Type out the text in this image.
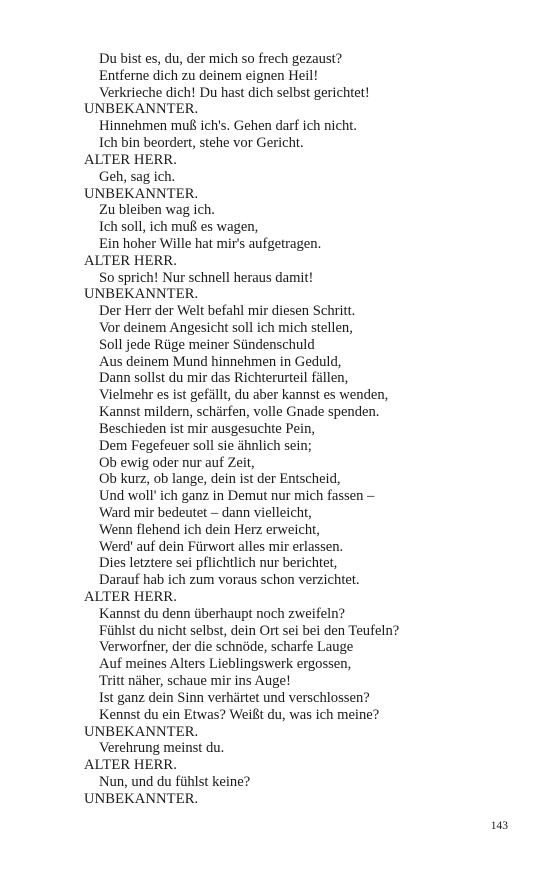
Du bist es, du, der mich so frech gezaust?
Entferne dich zu deinem eignen Heil!
Verkrieche dich! Du hast dich selbst gerichtet!
UNBEKANNTER.
Hinnehmen muß ich's. Gehen darf ich nicht.
Ich bin beordert, stehe vor Gericht.
ALTER HERR.
Geh, sag ich.
UNBEKANNTER.
Zu bleiben wag ich.
Ich soll, ich muß es wagen,
Ein hoher Wille hat mir's aufgetragen.
ALTER HERR.
So sprich! Nur schnell heraus damit!
UNBEKANNTER.
Der Herr der Welt befahl mir diesen Schritt.
Vor deinem Angesicht soll ich mich stellen,
Soll jede Rüge meiner Sündenschuld
Aus deinem Mund hinnehmen in Geduld,
Dann sollst du mir das Richterurteil fällen,
Vielmehr es ist gefällt, du aber kannst es wenden,
Kannst mildern, schärfen, volle Gnade spenden.
Beschieden ist mir ausgesuchte Pein,
Dem Fegefeuer soll sie ähnlich sein;
Ob ewig oder nur auf Zeit,
Ob kurz, ob lange, dein ist der Entscheid,
Und woll' ich ganz in Demut nur mich fassen –
Ward mir bedeutet – dann vielleicht,
Wenn flehend ich dein Herz erweicht,
Werd' auf dein Fürwort alles mir erlassen.
Dies letztere sei pflichtlich nur berichtet,
Darauf hab ich zum voraus schon verzichtet.
ALTER HERR.
Kannst du denn überhaupt noch zweifeln?
Fühlst du nicht selbst, dein Ort sei bei den Teufeln?
Verworfner, der die schnöde, scharfe Lauge
Auf meines Alters Lieblingswerk ergossen,
Tritt näher, schaue mir ins Auge!
Ist ganz dein Sinn verhärtet und verschlossen?
Kennst du ein Etwas? Weißt du, was ich meine?
UNBEKANNTER.
Verehrung meinst du.
ALTER HERR.
Nun, und du fühlst keine?
UNBEKANNTER.
143
